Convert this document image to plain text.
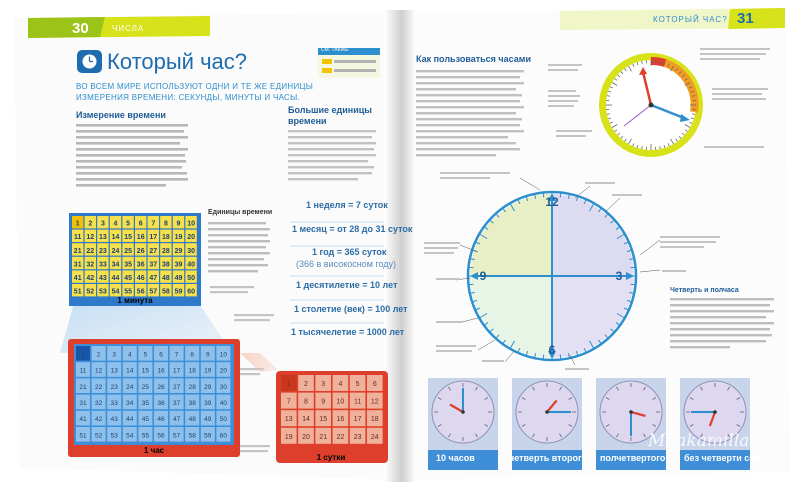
1 2 3 4 5 6 7 8 9 10
11 12 13 14 15 16 17 18 19 20
21 22 23 24 25 26 27 28 29 30
31 32 33 34 35 36 37 38 39 40
41 42 43 44 45 46 47 48 49 50
51 52 53 54 55 56 57 58 59 60
1 минута
1 2 3 4 5 6 7 8 9 10
11 12 13 14 15 16 17 18 19 20
21 22 23 24 25 26 27 28 29 30
31 32 33 34 35 36 37 38 39 40
41 42 43 44 45 46 47 48 49 50
51 52 53 54 55 56 57 58 59 60
1 час
1 2 3 4 5 6
7 8 9 10 11 12
13 14 15 16 17 18
19 20 21 22 23 24
1 сутки
12
3
6
9
30	ЧИСЛА
КОТОРЫЙ ЧАС? 31
Который час?
ВО ВСЕМ МИРЕ ИСПОЛЬЗУЮТ ОДНИ И ТЕ ЖЕ ЕДИНИЦЫ
ИЗМЕРЕНИЯ ВРЕМЕНИ: СЕКУНДЫ, МИНУТЫ И ЧАСЫ.
СМ. ТАКЖЕ
Измерение времени	Большие единицы
времени
Единицы времени
1 неделя = 7 суток
1 месяц = от 28 до 31 суток
1 год = 365 суток
(366 в високосном году)
1 десятилетие = 10 лет
1 столетие (век) = 100 лет
1 тысячелетие = 1000 лет
Как пользоваться часами
Четверть и полчаса
10 часов	четверть второго полчетвертого без четверти семь
Milakamilla
